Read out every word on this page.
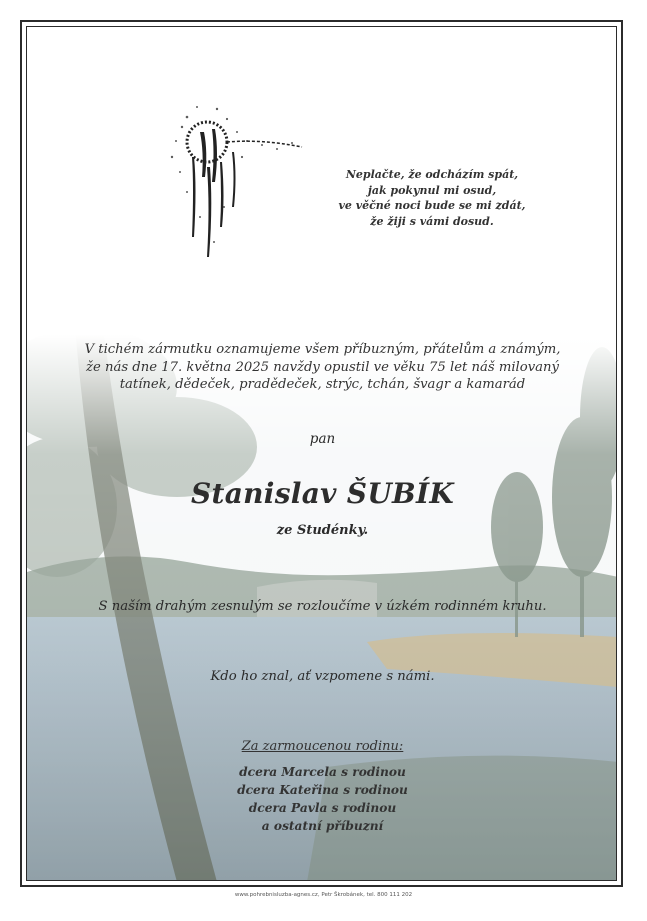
Neplačte, že odcházím spát,
jak pokynul mi osud,
ve věčné noci bude se mi zdát,
že žiji s vámi dosud.
V tichém zármutku oznamujeme všem příbuzným, přátelům a známým,
že nás dne 17. května 2025 navždy opustil ve věku 75 let náš milovaný
tatínek, dědeček, pradědeček, strýc, tchán, švagr a kamarád
pan
Stanislav ŠUBÍK
ze Studénky.
S naším drahým zesnulým se rozloučíme v úzkém rodinném kruhu.
Kdo ho znal, ať vzpomene s námi.
Za zarmoucenou rodinu:
dcera Marcela s rodinou
dcera Kateřina s rodinou
dcera Pavla s rodinou
a ostatní příbuzní
www.pohrebnisluzba-agnes.cz, Petr Škrobánek, tel. 800 111 202
